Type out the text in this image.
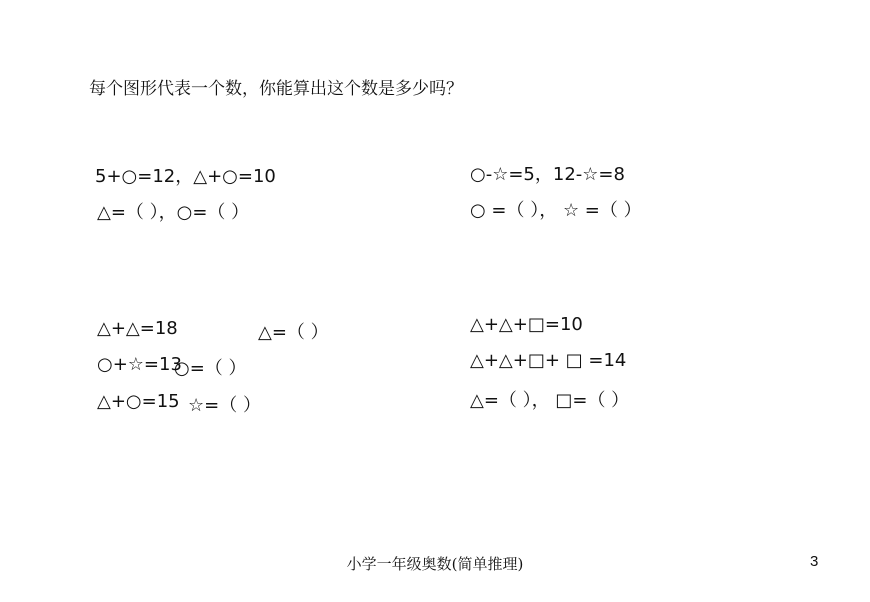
每个图形代表一个数，你能算出这个数是多少吗？
5+○=12，△+○=10
△=（ ），○=（ ）
○-☆=5，12-☆=8
○ =（ ）， ☆ =（ ）
△+△=18	△=（ ）
○+☆=13
○=（ ）
△+○=15 ☆=（ ）
△+△+□=10
△+△+□+ □ =14
△=（ ）， □=（ ）
小学一年级奥数(简单推理)	3
